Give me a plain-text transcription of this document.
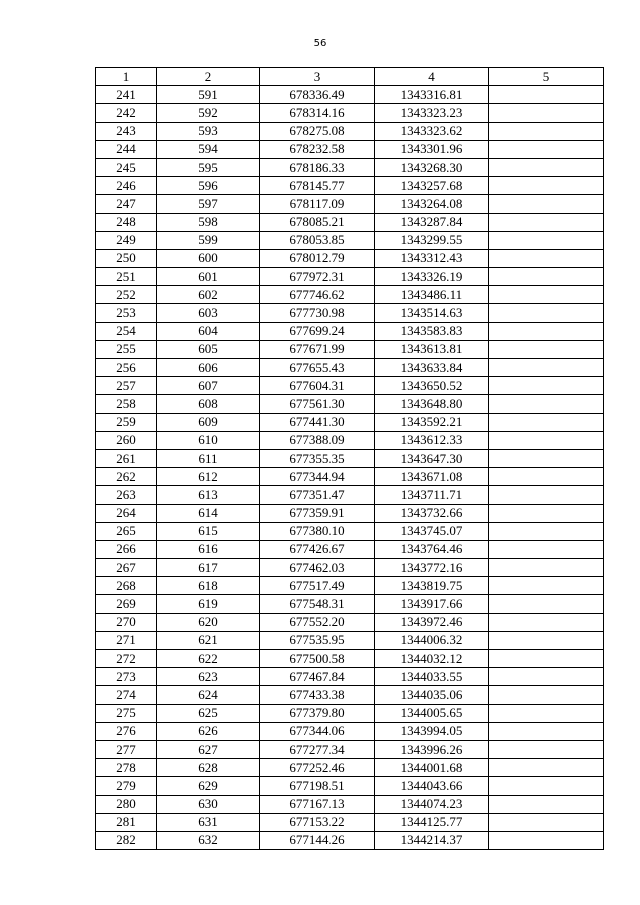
56
1	2	3	4	5
241	591	678336.49	1343316.81	
242	592	678314.16	1343323.23	
243	593	678275.08	1343323.62	
244	594	678232.58	1343301.96	
245	595	678186.33	1343268.30	
246	596	678145.77	1343257.68	
247	597	678117.09	1343264.08	
248	598	678085.21	1343287.84	
249	599	678053.85	1343299.55	
250	600	678012.79	1343312.43	
251	601	677972.31	1343326.19	
252	602	677746.62	1343486.11	
253	603	677730.98	1343514.63	
254	604	677699.24	1343583.83	
255	605	677671.99	1343613.81	
256	606	677655.43	1343633.84	
257	607	677604.31	1343650.52	
258	608	677561.30	1343648.80	
259	609	677441.30	1343592.21	
260	610	677388.09	1343612.33	
261	611	677355.35	1343647.30	
262	612	677344.94	1343671.08	
263	613	677351.47	1343711.71	
264	614	677359.91	1343732.66	
265	615	677380.10	1343745.07	
266	616	677426.67	1343764.46	
267	617	677462.03	1343772.16	
268	618	677517.49	1343819.75	
269	619	677548.31	1343917.66	
270	620	677552.20	1343972.46	
271	621	677535.95	1344006.32	
272	622	677500.58	1344032.12	
273	623	677467.84	1344033.55	
274	624	677433.38	1344035.06	
275	625	677379.80	1344005.65	
276	626	677344.06	1343994.05	
277	627	677277.34	1343996.26	
278	628	677252.46	1344001.68	
279	629	677198.51	1344043.66	
280	630	677167.13	1344074.23	
281	631	677153.22	1344125.77	
282	632	677144.26	1344214.37	
